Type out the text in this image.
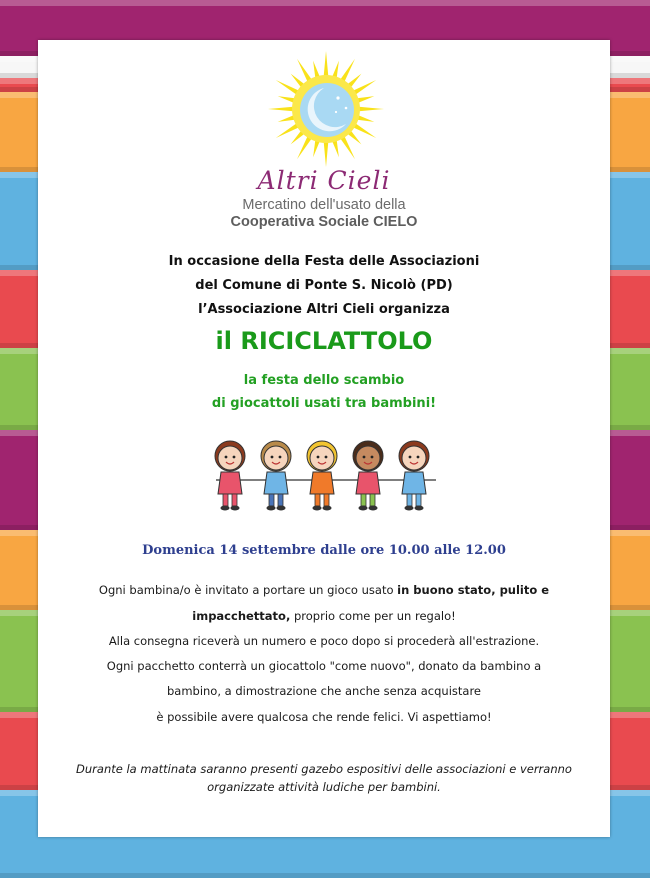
Altri Cieli
Mercatino dell'usato della
Cooperativa Sociale CIELO
In occasione della Festa delle Associazioni
del Comune di Ponte S. Nicolò (PD)
l’Associazione Altri Cieli organizza
il RICICLATTOLO
la festa dello scambio
di giocattoli usati tra bambini!
Domenica 14 settembre dalle ore 10.00 alle 12.00
Ogni bambina/o è invitato a portare un gioco usato in buono stato, pulito e
impacchettato, proprio come per un regalo!
Alla consegna riceverà un numero e poco dopo si procederà all'estrazione.
Ogni pacchetto conterrà un giocattolo "come nuovo", donato da bambino a
bambino, a dimostrazione che anche senza acquistare
è possibile avere qualcosa che rende felici. Vi aspettiamo!
Durante la mattinata saranno presenti gazebo espositivi delle associazioni e verranno
organizzate attività ludiche per bambini.
